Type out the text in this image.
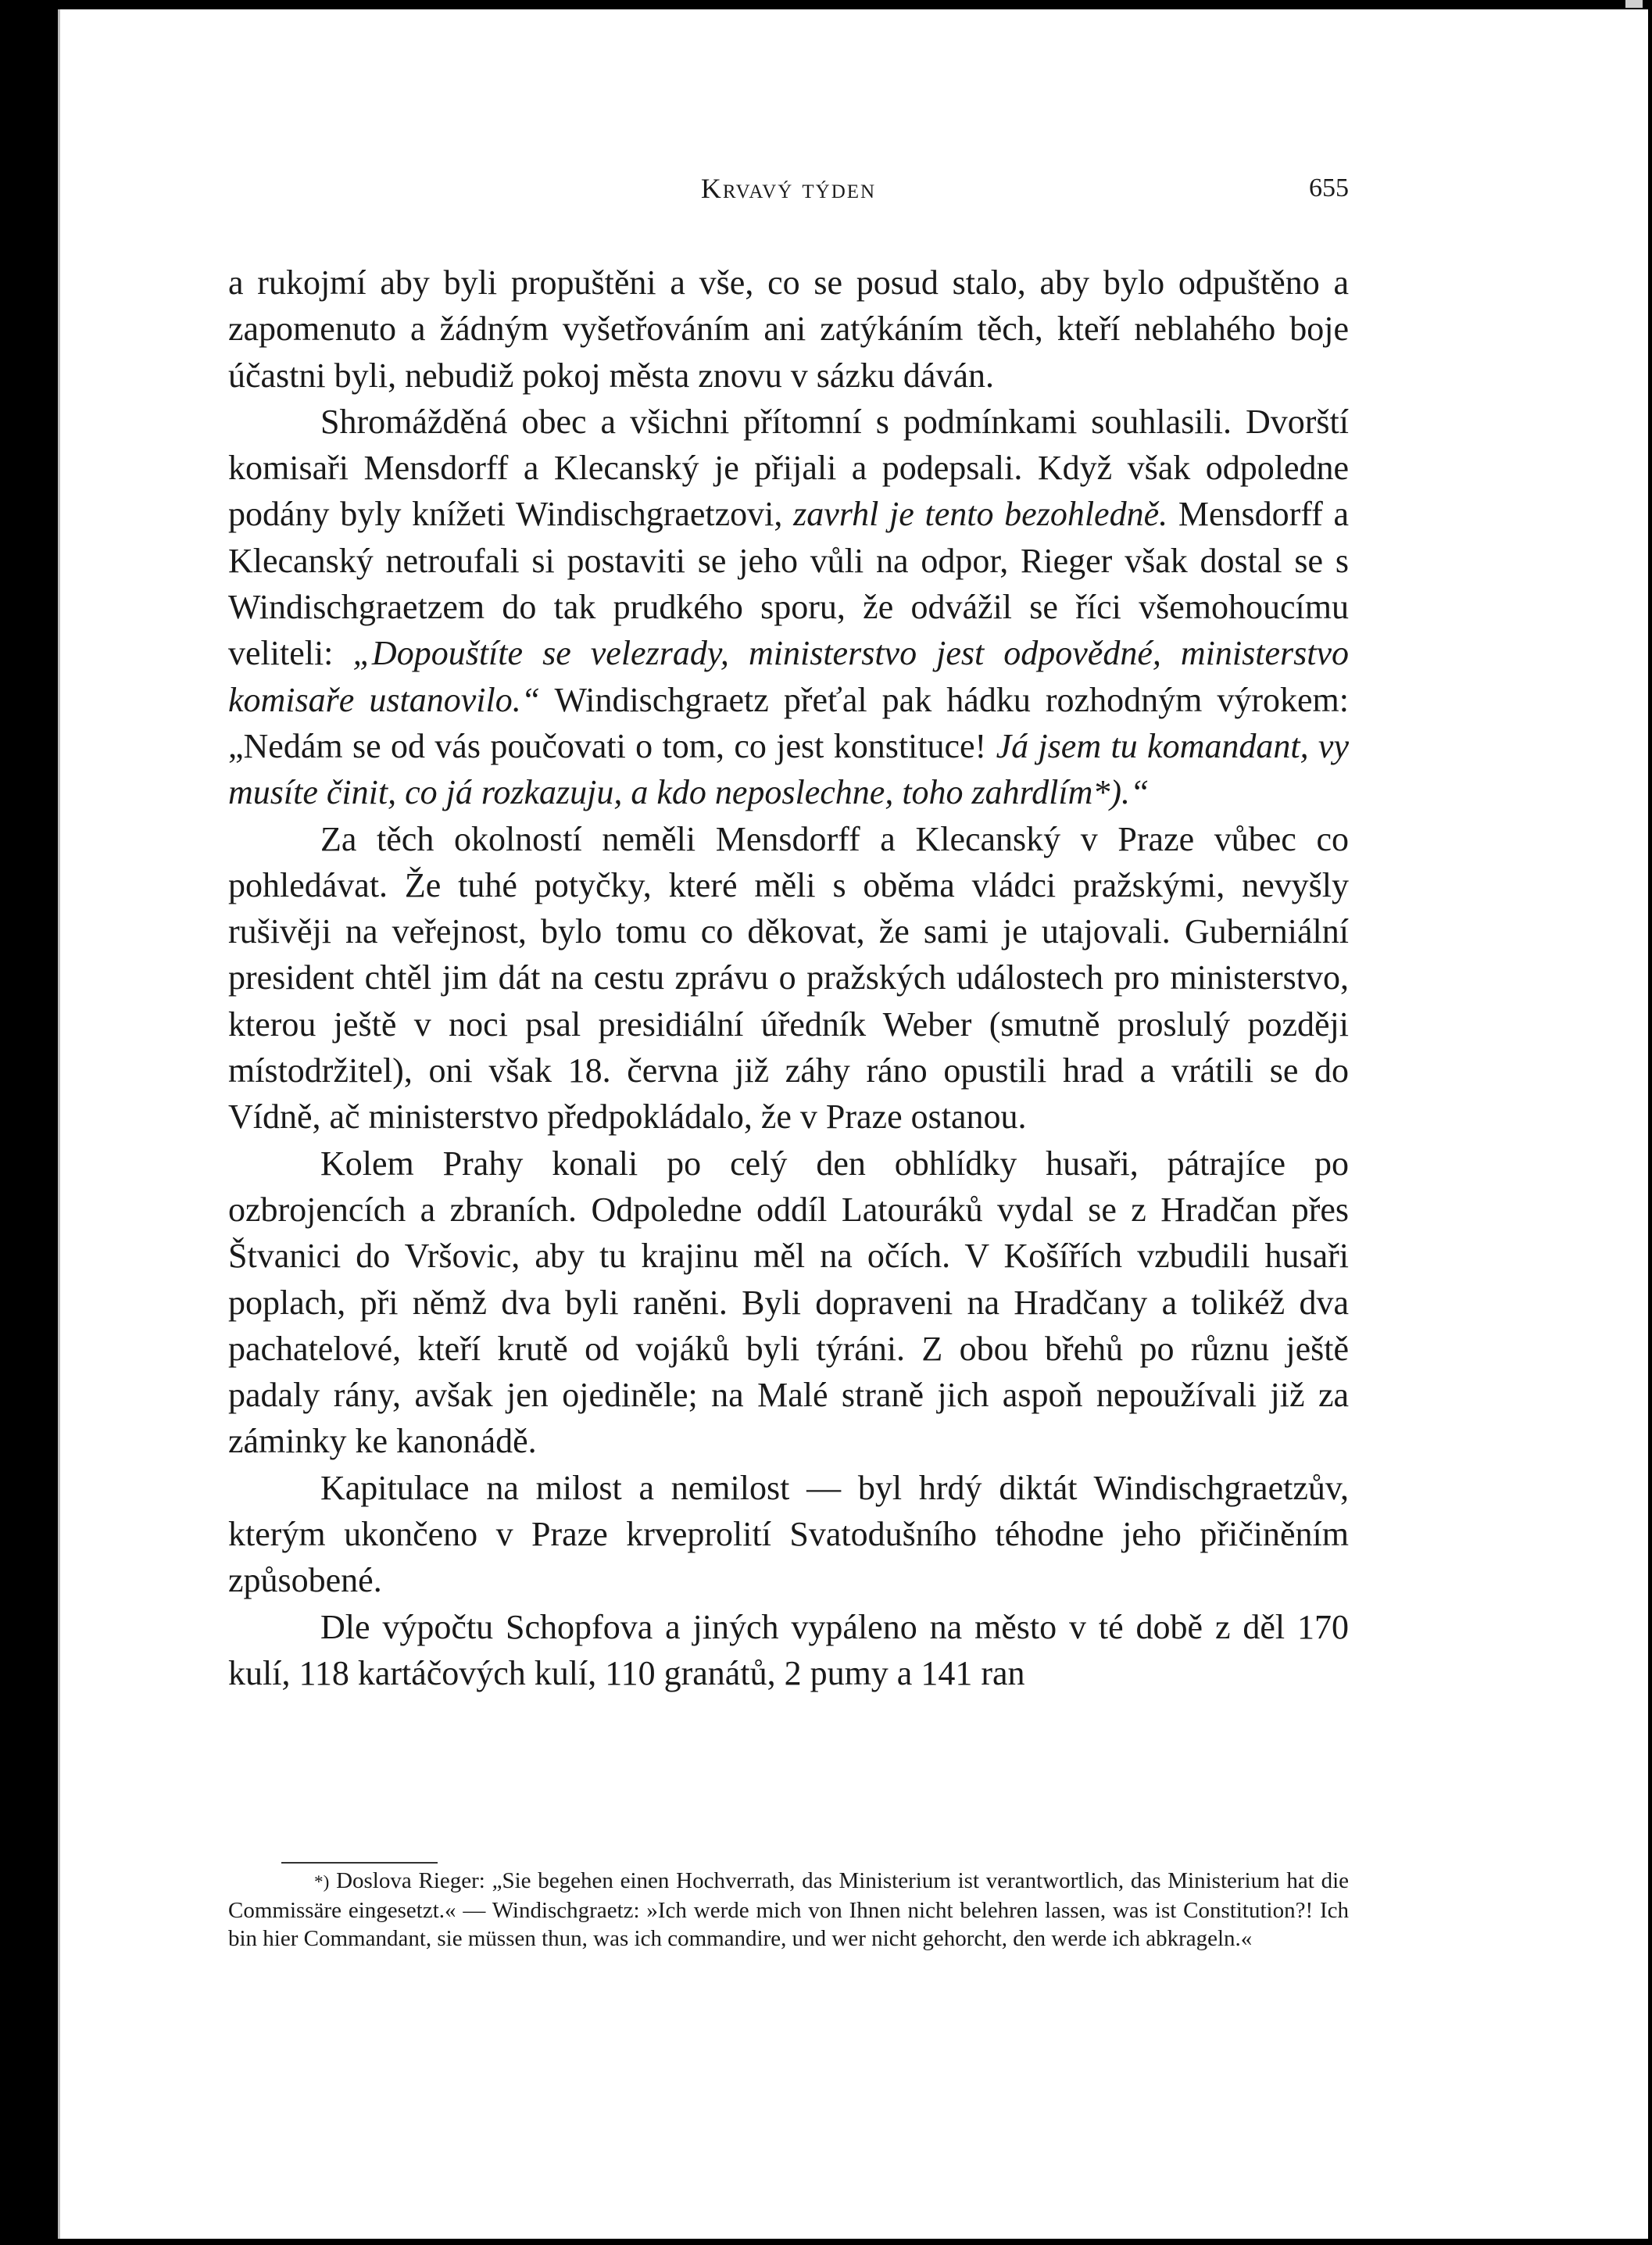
Krvavý týden	655

a rukojmí aby byli propuštěni a vše, co se posud stalo, aby bylo odpuštěno a zapomenuto a žádným vyšetřováním ani zatýkáním těch, kteří neblahého boje účastni byli, nebudiž pokoj města znovu v sázku dáván.

Shromážděná obec a všichni přítomní s podmínkami souhlasili. Dvorští komisaři Mensdorff a Klecanský je přijali a podepsali. Když však odpoledne podány byly knížeti Windischgraetzovi, zavrhl je tento bezohledně. Mensdorff a Klecanský netroufali si postaviti se jeho vůli na odpor, Rieger však dostal se s Windischgraetzem do tak prudkého sporu, že odvážil se říci všemohoucímu veliteli: „Dopouštíte se velezrady, ministerstvo jest odpovědné, ministerstvo komisaře ustanovilo.“ Windischgraetz přeťal pak hádku rozhodným výrokem: „Nedám se od vás poučovati o tom, co jest konstituce! Já jsem tu komandant, vy musíte činit, co já rozkazuju, a kdo neposlechne, toho zahrdlím*).“

Za těch okolností neměli Mensdorff a Klecanský v Praze vůbec co pohledávat. Že tuhé potyčky, které měli s oběma vládci pražskými, nevyšly rušivěji na veřejnost, bylo tomu co děkovat, že sami je utajovali. Guberniální president chtěl jim dát na cestu zprávu o pražských událostech pro ministerstvo, kterou ještě v noci psal presidiální úředník Weber (smutně proslulý později místodržitel), oni však 18. června již záhy ráno opustili hrad a vrátili se do Vídně, ač ministerstvo předpokládalo, že v Praze ostanou.

Kolem Prahy konali po celý den obhlídky husaři, pátrajíce po ozbrojencích a zbraních. Odpoledne oddíl Latouráků vydal se z Hradčan přes Štvanici do Vršovic, aby tu krajinu měl na očích. V Košířích vzbudili husaři poplach, při němž dva byli raněni. Byli dopraveni na Hradčany a tolikéž dva pachatelové, kteří krutě od vojáků byli týráni. Z obou břehů po různu ještě padaly rány, avšak jen ojediněle; na Malé straně jich aspoň nepoužívali již za záminky ke kanonádě.

Kapitulace na milost a nemilost — byl hrdý diktát Windischgraetzův, kterým ukončeno v Praze krveprolití Svatodušního téhodne jeho přičiněním způsobené.

Dle výpočtu Schopfova a jiných vypáleno na město v té době z děl 170 kulí, 118 kartáčových kulí, 110 granátů, 2 pumy a 141 ran

*) Doslova Rieger: „Sie begehen einen Hochverrath, das Ministerium ist verantwortlich, das Ministerium hat die Commissäre eingesetzt.« — Windischgraetz: »Ich werde mich von Ihnen nicht belehren lassen, was ist Constitution?! Ich bin hier Commandant, sie müssen thun, was ich commandire, und wer nicht gehorcht, den werde ich abkrageln.«
